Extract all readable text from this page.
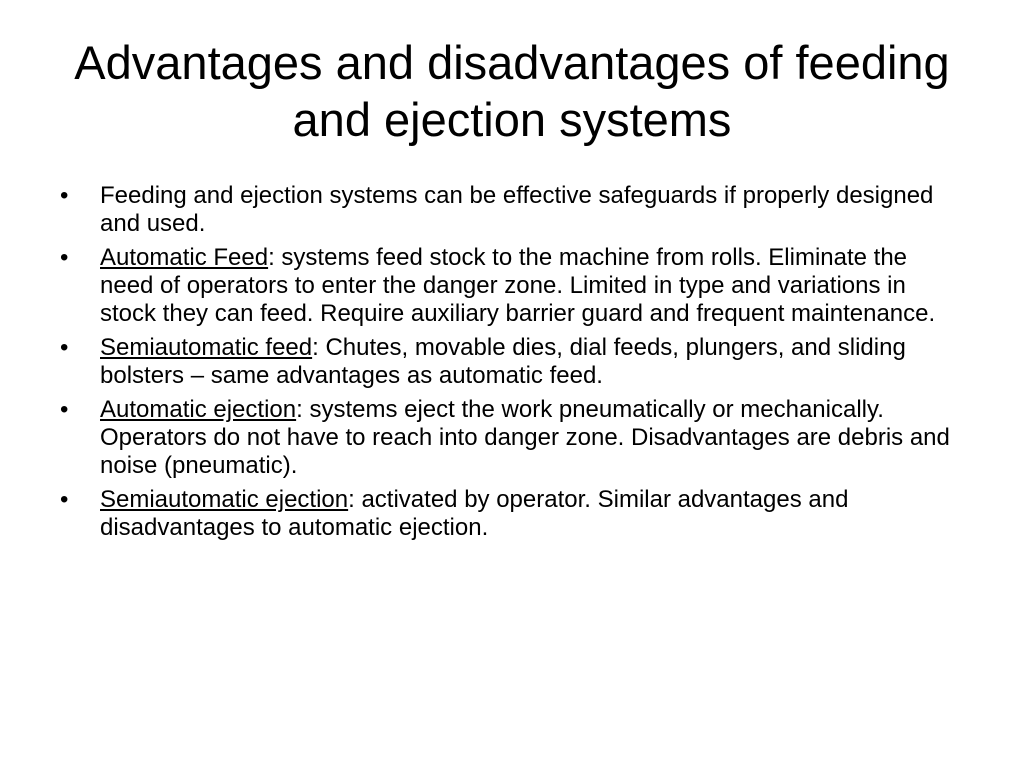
Advantages and disadvantages of feeding and ejection systems
•	Feeding and ejection systems can be effective safeguards if properly designed and used.
•	Automatic Feed: systems feed stock to the machine from rolls. Eliminate the need of operators to enter the danger zone. Limited in type and variations in stock they can feed. Require auxiliary barrier guard and frequent maintenance.
•	Semiautomatic feed: Chutes, movable dies, dial feeds, plungers, and sliding bolsters – same advantages as automatic feed.
•	Automatic ejection: systems eject the work pneumatically or mechanically. Operators do not have to reach into danger zone. Disadvantages are debris and noise (pneumatic).
•	Semiautomatic ejection: activated by operator. Similar advantages and disadvantages to automatic ejection.
